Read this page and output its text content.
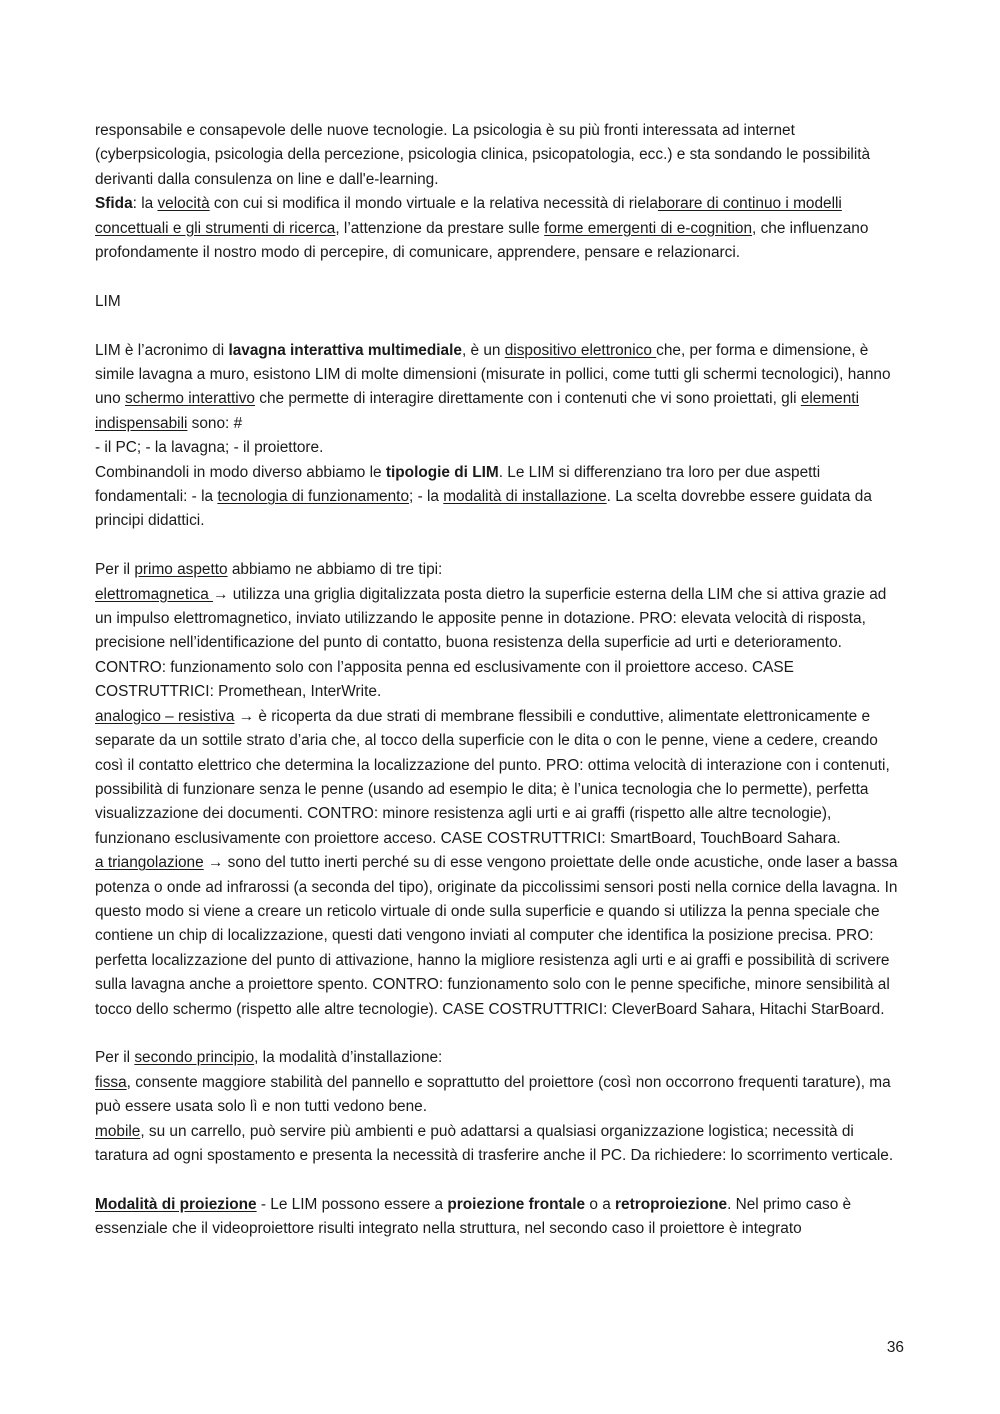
responsabile e consapevole delle nuove tecnologie. La psicologia è su più fronti interessata ad internet (cyberpsicologia, psicologia della percezione, psicologia clinica, psicopatologia, ecc.) e sta sondando le possibilità derivanti dalla consulenza on line e dall'e-learning.
Sfida: la velocità con cui si modifica il mondo virtuale e la relativa necessità di rielaborare di continuo i modelli concettuali e gli strumenti di ricerca, l’attenzione da prestare sulle forme emergenti di e-cognition, che influenzano profondamente il nostro modo di percepire, di comunicare, apprendere, pensare e relazionarci.

LIM

LIM è l’acronimo di lavagna interattiva multimediale, è un dispositivo elettronico che, per forma e dimensione, è simile lavagna a muro, esistono LIM di molte dimensioni (misurate in pollici, come tutti gli schermi tecnologici), hanno uno schermo interattivo che permette di interagire direttamente con i contenuti che vi sono proiettati, gli elementi indispensabili sono: #
- il PC; - la lavagna; - il proiettore.
Combinandoli in modo diverso abbiamo le tipologie di LIM. Le LIM si differenziano tra loro per due aspetti fondamentali: - la tecnologia di funzionamento; - la modalità di installazione. La scelta dovrebbe essere guidata da principi didattici.

Per il primo aspetto abbiamo ne abbiamo di tre tipi:
elettromagnetica → utilizza una griglia digitalizzata posta dietro la superficie esterna della LIM che si attiva grazie ad un impulso elettromagnetico, inviato utilizzando le apposite penne in dotazione. PRO: elevata velocità di risposta, precisione nell’identificazione del punto di contatto, buona resistenza della superficie ad urti e deterioramento. CONTRO: funzionamento solo con l’apposita penna ed esclusivamente con il proiettore acceso. CASE COSTRUTTRICI: Promethean, InterWrite.
analogico – resistiva → è ricoperta da due strati di membrane flessibili e conduttive, alimentate elettronicamente e separate da un sottile strato d’aria che, al tocco della superficie con le dita o con le penne, viene a cedere, creando così il contatto elettrico che determina la localizzazione del punto. PRO: ottima velocità di interazione con i contenuti, possibilità di funzionare senza le penne (usando ad esempio le dita; è l’unica tecnologia che lo permette), perfetta visualizzazione dei documenti. CONTRO: minore resistenza agli urti e ai graffi (rispetto alle altre tecnologie), funzionano esclusivamente con proiettore acceso. CASE COSTRUTTRICI: SmartBoard, TouchBoard Sahara.
a triangolazione → sono del tutto inerti perché su di esse vengono proiettate delle onde acustiche, onde laser a bassa potenza o onde ad infrarossi (a seconda del tipo), originate da piccolissimi sensori posti nella cornice della lavagna. In questo modo si viene a creare un reticolo virtuale di onde sulla superficie e quando si utilizza la penna speciale che contiene un chip di localizzazione, questi dati vengono inviati al computer che identifica la posizione precisa. PRO: perfetta localizzazione del punto di attivazione, hanno la migliore resistenza agli urti e ai graffi e possibilità di scrivere sulla lavagna anche a proiettore spento. CONTRO: funzionamento solo con le penne specifiche, minore sensibilità al tocco dello schermo (rispetto alle altre tecnologie). CASE COSTRUTTRICI: CleverBoard Sahara, Hitachi StarBoard.

Per il secondo principio, la modalità d’installazione:
fissa, consente maggiore stabilità del pannello e soprattutto del proiettore (così non occorrono frequenti tarature), ma può essere usata solo lì e non tutti vedono bene.
mobile, su un carrello, può servire più ambienti e può adattarsi a qualsiasi organizzazione logistica; necessità di taratura ad ogni spostamento e presenta la necessità di trasferire anche il PC. Da richiedere: lo scorrimento verticale.

Modalità di proiezione - Le LIM possono essere a proiezione frontale o a retroproiezione. Nel primo caso è essenziale che il videoproiettore risulti integrato nella struttura, nel secondo caso il proiettore è integrato

36
